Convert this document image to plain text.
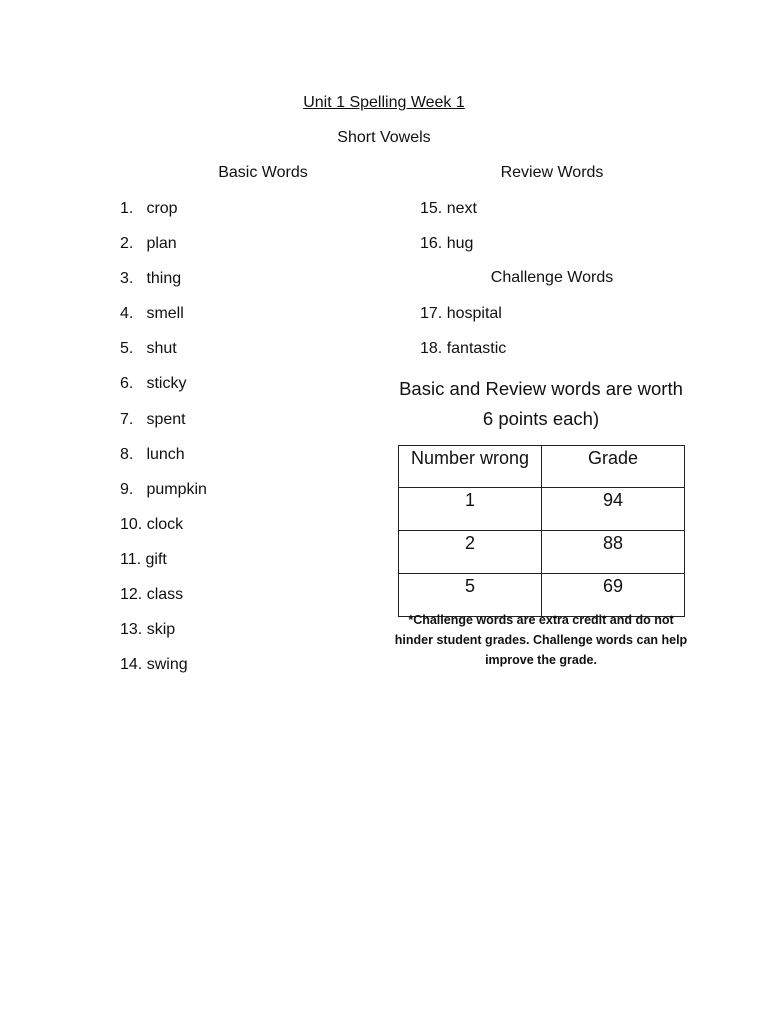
Unit 1 Spelling Week 1
Short Vowels
Basic Words	Review Words
1. crop
2. plan
3. thing
4. smell
5. shut
6. sticky
7. spent
8. lunch
9. pumpkin
10. clock
11. gift
12. class
13. skip
14. swing
15. next
16. hug
Challenge Words
17. hospital
18. fantastic
Basic and Review words are worth
6 points each)
Number wrong	Grade
1	94
2	88
5	69
*Challenge words are extra credit and do not hinder student grades. Challenge words can help improve the grade.
